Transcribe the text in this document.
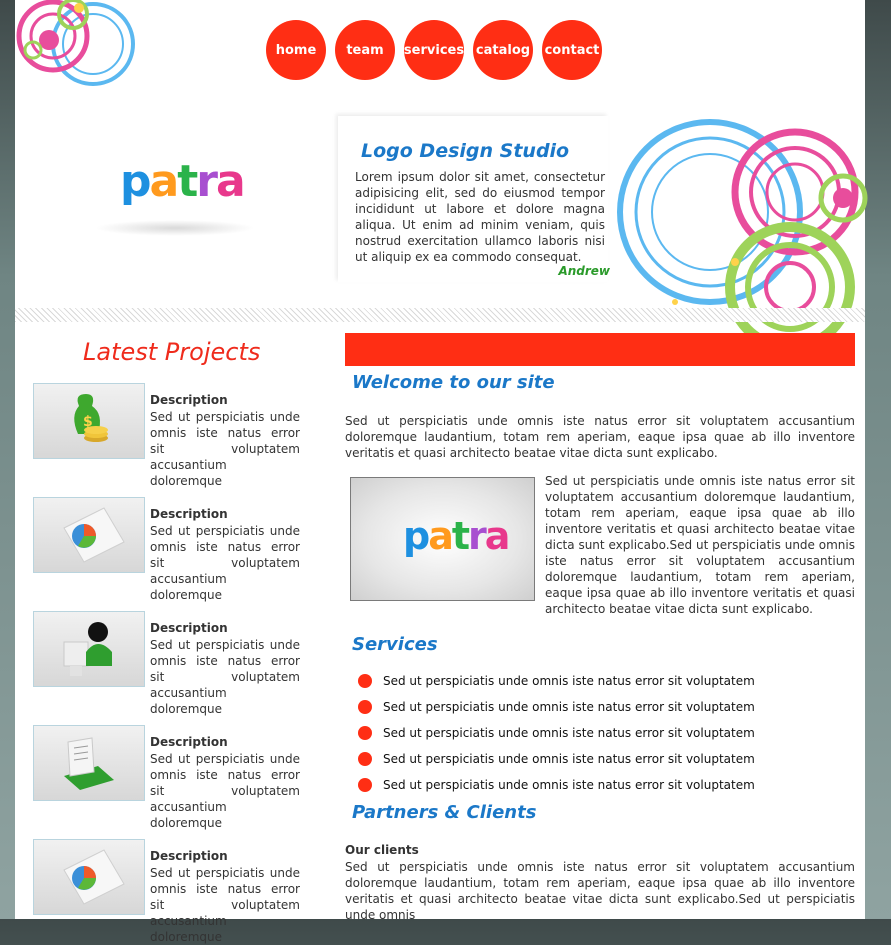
home	team	services catalog contact
patra
Logo Design Studio
Lorem ipsum dolor sit amet, consectetur adipisicing elit, sed do eiusmod tempor incididunt ut labore et dolore magna aliqua. Ut enim ad minim veniam, quis nostrud exercitation ullamco laboris nisi ut aliquip ex ea commodo consequat.
Andrew
Latest Projects
$
Description
Sed ut perspiciatis unde omnis iste natus error sit voluptatem accusantium doloremque
Description
Sed ut perspiciatis unde omnis iste natus error sit voluptatem accusantium doloremque
Description
Sed ut perspiciatis unde omnis iste natus error sit voluptatem accusantium doloremque
Description
Sed ut perspiciatis unde omnis iste natus error sit voluptatem accusantium doloremque
Description
Sed ut perspiciatis unde omnis iste natus error sit voluptatem accusantium doloremque
Welcome to our site
Sed ut perspiciatis unde omnis iste natus error sit voluptatem accusantium doloremque laudantium, totam rem aperiam, eaque ipsa quae ab illo inventore veritatis et quasi architecto beatae vitae dicta sunt explicabo.
patra
Sed ut perspiciatis unde omnis iste natus error sit voluptatem accusantium doloremque laudantium, totam rem aperiam, eaque ipsa quae ab illo inventore veritatis et quasi architecto beatae vitae dicta sunt explicabo.Sed ut perspiciatis unde omnis iste natus error sit voluptatem accusantium doloremque laudantium, totam rem aperiam, eaque ipsa quae ab illo inventore veritatis et quasi architecto beatae vitae dicta sunt explicabo.
Services
Sed ut perspiciatis unde omnis iste natus error sit voluptatem
Sed ut perspiciatis unde omnis iste natus error sit voluptatem
Sed ut perspiciatis unde omnis iste natus error sit voluptatem
Sed ut perspiciatis unde omnis iste natus error sit voluptatem
Sed ut perspiciatis unde omnis iste natus error sit voluptatem
Partners & Clients
Our clients
Sed ut perspiciatis unde omnis iste natus error sit voluptatem accusantium doloremque laudantium, totam rem aperiam, eaque ipsa quae ab illo inventore veritatis et quasi architecto beatae vitae dicta sunt explicabo.Sed ut perspiciatis unde omnis
